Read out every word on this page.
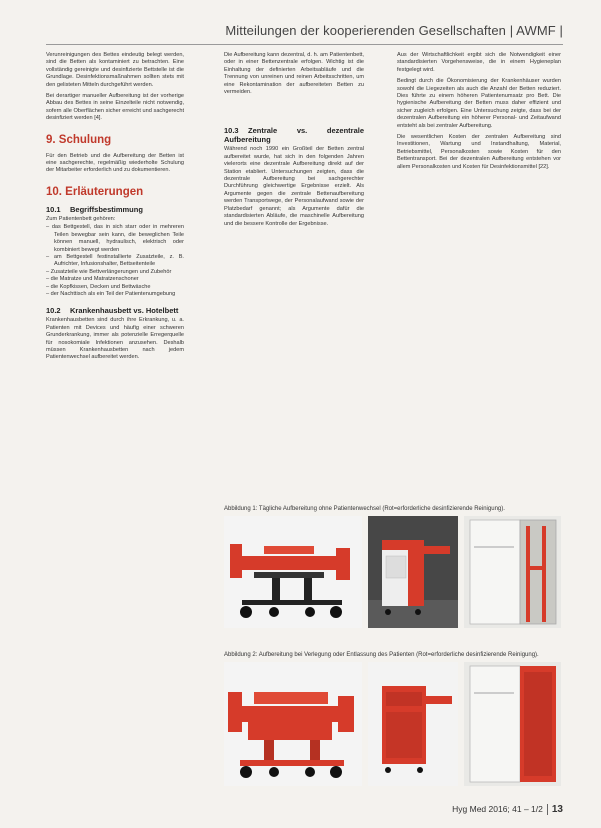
Mitteilungen der kooperierenden Gesellschaften | AWMF |

Verunreinigungen des Bettes eindeutig belegt werden, sind die Betten als kontaminiert zu betrachten. Eine vollständig gereinigte und desinfizierte Bettstelle ist die Grundlage. Desinfektionsmaßnahmen sollten stets mit den gelisteten Mitteln durchgeführt werden.

Bei derartiger manueller Aufbereitung ist der vorherige Abbau des Bettes in seine Einzelteile nicht notwendig, sofern alle Oberflächen sicher erreicht und sachgerecht desinfiziert werden [4].

9. Schulung

Für den Betrieb und die Aufbereitung der Betten ist eine sachgerechte, regelmäßig wiederholte Schulung der Mitarbeiter erforderlich und zu dokumentieren.

10. Erläuterungen
10.1 Begriffsbestimmung

Zum Patientenbett gehören:

– das Bettgestell, das in sich starr oder in mehreren Teilen bewegbar sein kann, die beweglichen Teile können manuell, hydraulisch, elektrisch oder kombiniert bewegt werden
– am Bettgestell festinstallierte Zusatzteile, z. B. Aufrichter, Infusionshalter, Bettseitenteile
– Zusatzteile wie Bettverlängerungen und Zubehör
– die Matratze und Matratzenschoner
– die Kopfkissen, Decken und Bettwäsche
– der Nachttisch als ein Teil der Patientenumgebung
10.2 Krankenhausbett vs. Hotelbett

Krankenhausbetten sind durch ihre Erkrankung, u. a. Patienten mit Devices und häufig einer schweren Grunderkrankung, immer als potenzielle Erregerquelle für nosokomiale Infektionen anzusehen. Deshalb müssen Krankenhausbetten nach jedem Patientenwechsel aufbereitet werden.

Die Aufbereitung kann dezentral, d. h. am Patientenbett, oder in einer Bettenzentrale erfolgen. Wichtig ist die Einhaltung der definierten Arbeitsabläufe und die Trennung von unreinen und reinen Arbeitsschritten, um eine Rekontamination der aufbereiteten Betten zu vermeiden.

10.3 Zentrale vs. dezentrale Aufbereitung

Während noch 1990 ein Großteil der Betten zentral aufbereitet wurde, hat sich in den folgenden Jahren vielerorts eine dezentrale Aufbereitung direkt auf der Station etabliert. Untersuchungen zeigten, dass die dezentrale Aufbereitung bei sachgerechter Durchführung gleichwertige Ergebnisse erzielt. Als Argumente gegen die zentrale Bettenaufbereitung werden Transportwege, der Personalaufwand sowie der Platzbedarf genannt; als Argumente dafür die standardisierten Abläufe, die maschinelle Aufbereitung und die bessere Kontrolle der Ergebnisse.

Aus der Wirtschaftlichkeit ergibt sich die Notwendigkeit einer standardisierten Vorgehensweise, die in einem Hygieneplan festgelegt wird.

Bedingt durch die Ökonomisierung der Krankenhäuser wurden sowohl die Liegezeiten als auch die Anzahl der Betten reduziert. Dies führte zu einem höheren Patientenumsatz pro Bett. Die hygienische Aufbereitung der Betten muss daher effizient und sicher zugleich erfolgen. Eine Untersuchung zeigte, dass bei der dezentralen Aufbereitung ein höherer Personal- und Zeitaufwand entsteht als bei zentraler Aufbereitung.

Die wesentlichen Kosten der zentralen Aufbereitung sind Investitionen, Wartung und Instandhaltung, Material, Betriebsmittel, Personalkosten sowie Kosten für den Bettentransport. Bei der dezentralen Aufbereitung entstehen vor allem Personalkosten und Kosten für Desinfektionsmittel [22].

Abbildung 1: Tägliche Aufbereitung ohne Patientenwechsel (Rot=erforderliche desinfizierende Reinigung).
Abbildung 2: Aufbereitung bei Verlegung oder Entlassung des Patienten (Rot=erforderliche desinfizierende Reinigung).
Hyg Med 2016; 41 – 1/2 13
